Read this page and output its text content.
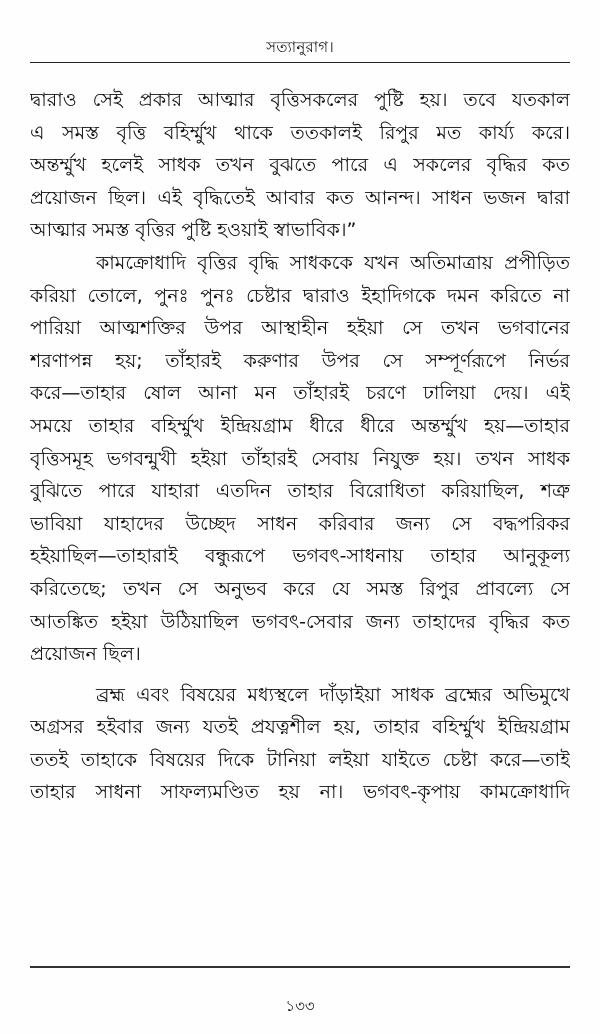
সত্যানুরাগ।
দ্বারাও সেই প্রকার আত্মার বৃত্তিসকলের পুষ্টি হয়। তবে যতকাল
এ সমস্ত বৃত্তি বহির্ম্মুখ থাকে ততকালই রিপুর মত কার্য্য করে।
অন্তর্ম্মুখ হলেই সাধক তখন বুঝতে পারে এ সকলের বৃদ্ধির কত
প্রয়োজন ছিল। এই বৃদ্ধিতেই আবার কত আনন্দ। সাধন ভজন দ্বারা
আত্মার সমস্ত বৃত্তির পুষ্টি হওয়াই স্বাভাবিক।”
কামক্রোধাদি বৃত্তির বৃদ্ধি সাধককে যখন অতিমাত্রায় প্রপীড়িত
করিয়া তোলে, পুনঃ পুনঃ চেষ্টার দ্বারাও ইহাদিগকে দমন করিতে না
পারিয়া আত্মশক্তির উপর আস্থাহীন হইয়া সে তখন ভগবানের
শরণাপন্ন হয়; তাঁহারই করুণার উপর সে সম্পূর্ণরূপে নির্ভর
করে—তাহার ষোল আনা মন তাঁহারই চরণে ঢালিয়া দেয়। এই
সময়ে তাহার বহির্ম্মুখ ইন্দ্রিয়গ্রাম ধীরে ধীরে অন্তর্ম্মুখ হয়—তাহার
বৃত্তিসমূহ ভগবন্মুখী হইয়া তাঁহারই সেবায় নিযুক্ত হয়। তখন সাধক
বুঝিতে পারে যাহারা এতদিন তাহার বিরোধিতা করিয়াছিল, শত্রু
ভাবিয়া যাহাদের উচ্ছেদ সাধন করিবার জন্য সে বদ্ধপরিকর
হইয়াছিল—তাহারাই বন্ধুরূপে ভগবৎ-সাধনায় তাহার আনুকূল্য
করিতেছে; তখন সে অনুভব করে যে সমস্ত রিপুর প্রাবল্যে সে
আতঙ্কিত হইয়া উঠিয়াছিল ভগবৎ-সেবার জন্য তাহাদের বৃদ্ধির কত
প্রয়োজন ছিল।
ব্রহ্ম এবং বিষয়ের মধ্যস্থলে দাঁড়াইয়া সাধক ব্রহ্মের অভিমুখে
অগ্রসর হইবার জন্য যতই প্রযত্নশীল হয়, তাহার বহির্ম্মুখ ইন্দ্রিয়গ্রাম
ততই তাহাকে বিষয়ের দিকে টানিয়া লইয়া যাইতে চেষ্টা করে—তাই
তাহার সাধনা সাফল্যমণ্ডিত হয় না। ভগবৎ-কৃপায় কামক্রোধাদি
১৩৩
